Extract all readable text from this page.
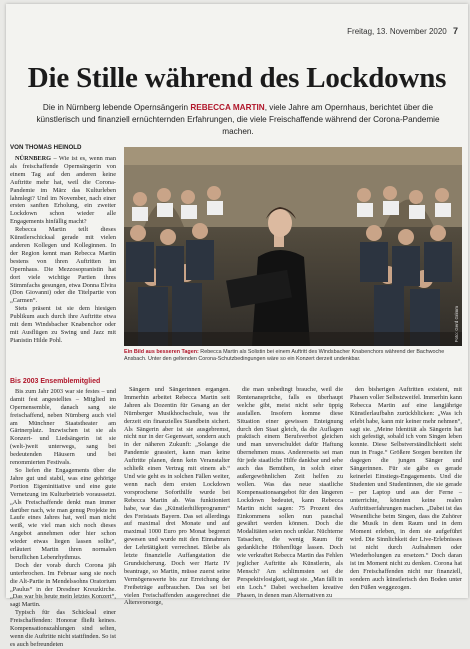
Freitag, 13. November 2020 7
Die Stille während des Lockdowns
Die in Nürnberg lebende Opernsängerin REBECCA MARTIN, viele Jahre am Opernhaus, berichtet über die künstlerisch und finanziell ernüchternden Erfahrungen, die viele Freischaffende während der Corona-Pandemie machen.
VON THOMAS HEINOLD

NÜRNBERG – Wie ist es, wenn man als freischaffende Opernsängerin von einem Tag auf den anderen keine Auftritte mehr hat, weil die Corona-Pandemie im März das Kulturleben lahmlegt? Und im November, nach einer ersten sanften Erholung, ein zweiter Lockdown schon wieder alle Engagements hinfällig macht?

Rebecca Martin teilt dieses Künstlerschicksal gerade mit vielen anderen Kollegen und Kolleginnen. In der Region kennt man Rebecca Martin bestens von ihren Auftritten im Opernhaus. Die Mezzosopranistin hat dort viele wichtige Partien ihres Stimmfachs gesungen, etwa Donna Elvira (Don Giovanni) oder die Titelpartie von „Carmen“.

Stets präsent ist sie dem hiesigen Publikum auch durch ihre Auftritte etwa mit dem Windsbacher Knabenchor oder mit Ausflügen zu Swing und Jazz mit Pianistin Hilde Pohl.

Bis 2003 Ensemblemitglied

Bis zum Jahr 2003 war sie festes – und damit fest angestelltes – Mitglied im Opernensemble, danach sang sie freischaffend, neben Nürnberg auch viel am Münchner Staatstheater am Gärtnerplatz. Inzwischen ist sie als Konzert- und Liedsängerin ist sie (welt-)weit unterwegs, sang bei bedeutenden Häusern und bei renommierten Festivals.

So liefen die Engagements über die Jahre gut und stabil, was eine gehörige Portion Eigeninitiative und eine gute Vernetzung im Kulturbetrieb voraussetzt. „Als Freischaffende denkt man immer darüber nach, wie man genug Projekte im Laufe eines Jahres hat, weil man nicht weiß, wie viel man sich noch dieses Angebot annehmen oder hier schon wieder etwas liegen lassen sollte“, erläutert Martin ihren normalen beruflichen Lebenrhythmus.

Doch der vorab durch Corona jäh unterbrochen. Im Februar sang sie noch die Alt-Partie in Mendelssohns Oratorium „Paulus“ in der Dresdner Kreuzkirche. „Das war bis heute mein letztes Konzert“, sagt Martin.

Typisch für das Schicksal einer Freischaffenden: Honorar fließt keines. Kompensationszahlungen sind selten, wenn die Auftritte nicht stattfinden. So ist es auch befreundeten

Foto: Gerd Grimm
Ein Bild aus besseren Tagen: Rebecca Martin als Solistin bei einem Auftritt des Windsbacher Knabenchors während der Bachwoche Ansbach. Unter den geltenden Corona-Schutzbedingungen wäre so ein Konzert derzeit undenkbar.

Sängern und Sängerinnen ergangen. Immerhin arbeitet Rebecca Martin seit Jahren als Dozentin für Gesang an der Nürnberger Musikhochschule, was ihr derzeit ein finanzielles Standbein sichert. Als Sängerin aber ist sie ausgebremst, nicht nur in der Gegenwart, sondern auch in der näheren Zukunft: „Solange die Pandemie grassiert, kann man keine Auftritte planen, denn kein Veranstalter schließt einen Vertrag mit einem ab.“ Und wie geht es in solchen Fällen weiter, wenn nach dem ersten Lockdown vorsprochene Soforthilfe wurde bei Rebecca Martin ab. Was funktioniert habe, war das „Künstlerhilfeprogramm“ des Freistaats Bayern. Das sei allerdings auf maximal drei Monate und auf maximal 1000 Euro pro Monat begrenzt gewesen und wurde mit den Einnahmen der Lehrtätigkeit verrechnet. Bleibe als letzte finanzielle Auffangstation die Grundsicherung. Doch wer Hartz IV beantrage, so Martin, müsse zuerst seine Vermögenswerte bis zur Erreichung der Freibeträge aufbrauchen. Das sei bei vielen Freischaffenden ausgerechnet die Altersvorsorge,

die man unbedingt brauche, weil die Rentenansprüche, falls es überhaupt welche gibt, meist nicht sehr üppig ausfallen. Insofern komme diese Situation einer gewissen Enteignung durch den Staat gleich, da die Auflagen praktisch einem Berufsverbot gleichen und man unverschuldet dafür Haftung übernehmen muss. Andererseits sei man für jede staatliche Hilfe dankbar und sehe auch das Bemühen, in solch einer außergewöhnlichen Zeit helfen zu wollen. Was das neue staatliche Kompensationsangebot für den längeren Lockdown bedeutet, kann Rebecca Martin nicht sagen: 75 Prozent des Einkommens sollen nun pauschal gewährt werden können. Doch die Modalitäten seien noch unklar. Nüchterne Tatsachen, die wenig Raum für gedankliche Höhenflüge lassen. Doch wie verkraftet Rebecca Martin das Fehlen jeglicher Auftritte als Künstlerin, als Mensch? Am schlimmsten sei die Perspektivlosigkeit, sagt sie. „Man fällt in ein Loch.“ Dabei wechselten kreative Phasen, in denen man Alternativen zu

den bisherigen Auftritten existent, mit Phasen voller Selbstzweifel. Immerhin kann Rebecca Martin auf eine langjährige Künstlerlaufbahn zurückblicken: „Was ich erlebt habe, kann mir keiner mehr nehmen“, sagt sie. „Meine Identität als Sängerin hat sich gefestigt, sobald ich vom Singen leben konnte. Diese Selbstverständlichkeit steht nun in Frage.“ Größere Sorgen bereiten ihr dagegen die jungen Sänger und Sängerinnen. Für sie gäbe es gerade keinerlei Einstiegs-Engagements. Und die Studenten und Studentinnen, die sie gerade – per Laptop und aus der Ferne – unterrichte, könnten keine realen Auftrittserfahrungen machen. „Dabei ist das Wesentliche beim Singen, dass die Zuhörer die Musik in dem Raum und in dem Moment erleben, in dem sie aufgeführt wird. Die Sinnlichkeit der Live-Erlebnisses ist nicht durch Aufnahmen oder Wiederholungen zu ersetzen.“ Doch daran ist im Moment nicht zu denken. Corona hat den Freischaffenden nicht nur finanziell, sondern auch künstlerisch den Boden unter den Füßen weggezogen.
